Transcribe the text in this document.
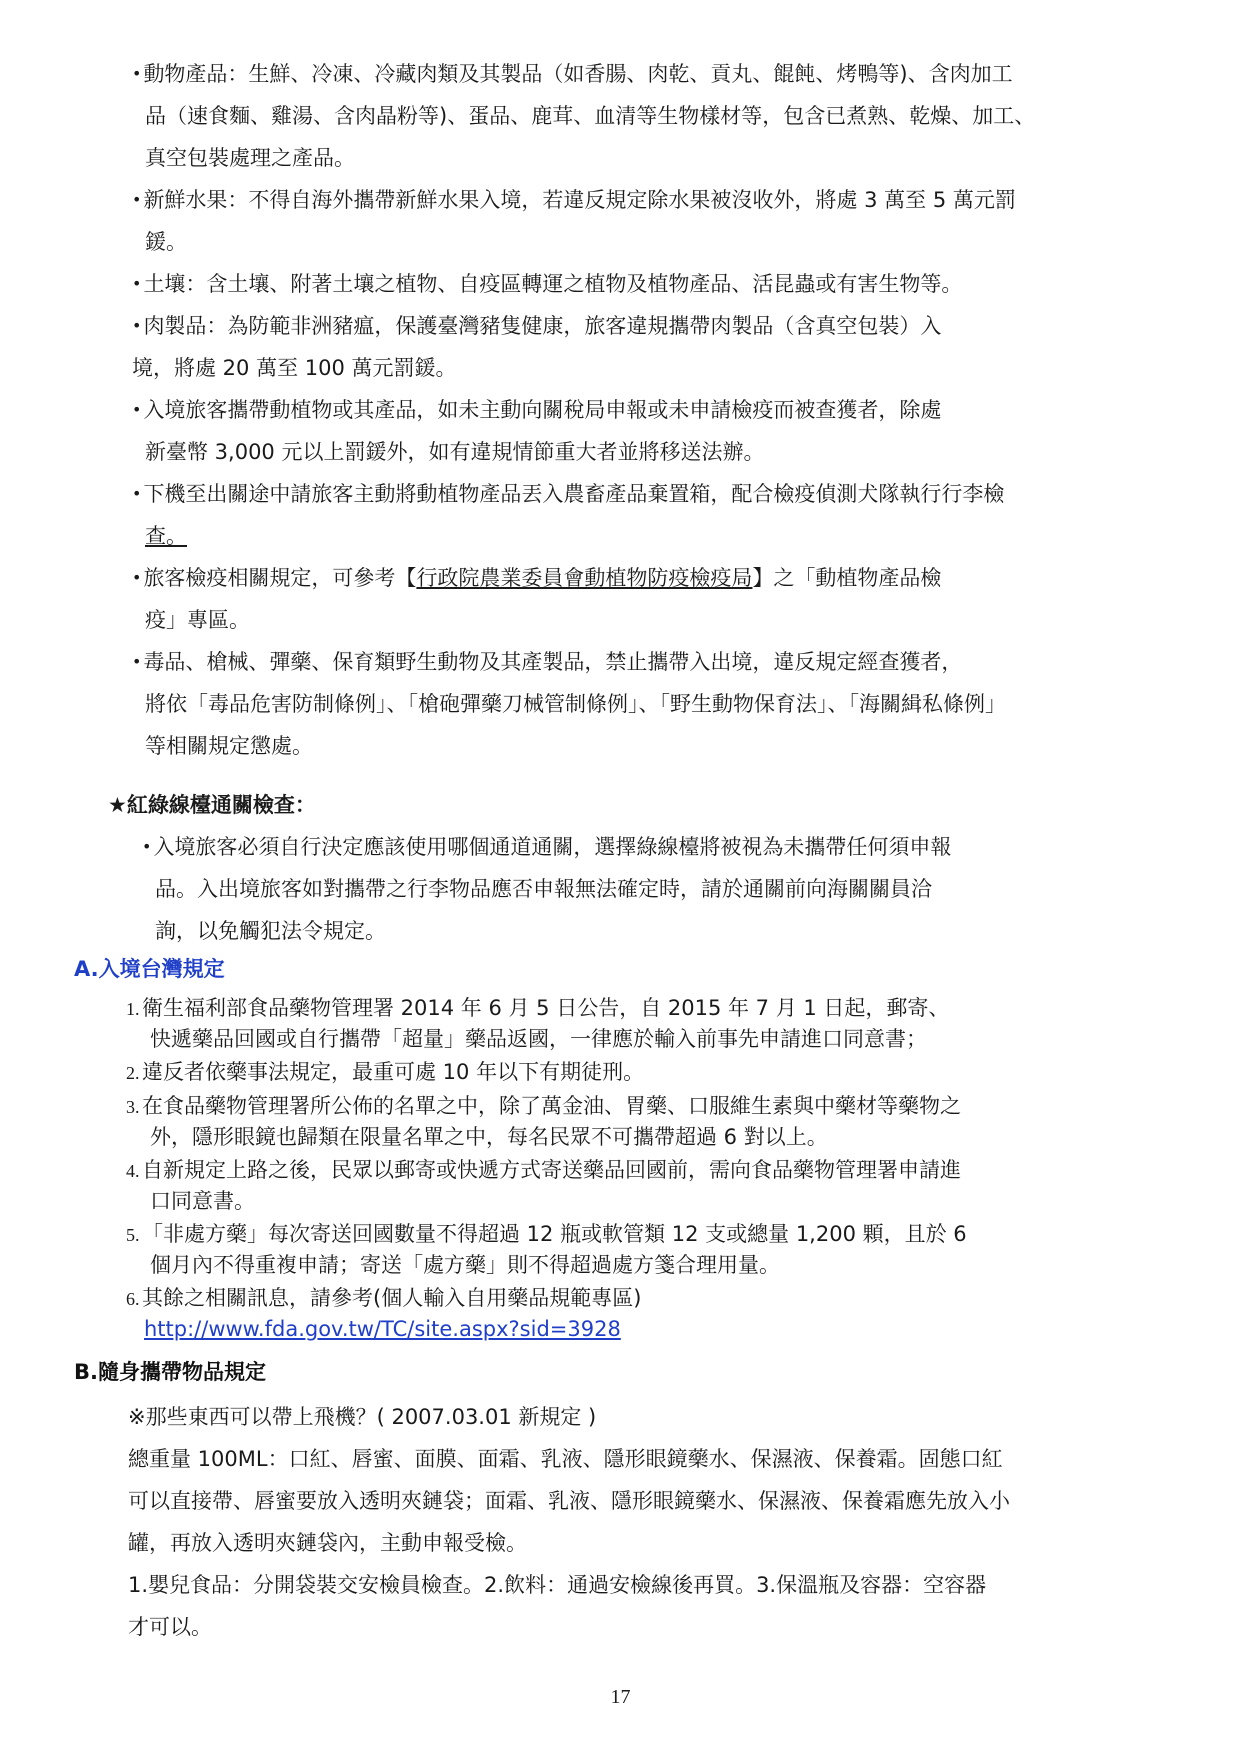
•動物產品：生鮮、冷凍、冷藏肉類及其製品（如香腸、肉乾、貢丸、餛飩、烤鴨等)、含肉加工
品（速食麵、雞湯、含肉晶粉等)、蛋品、鹿茸、血清等生物樣材等，包含已煮熟、乾燥、加工、
真空包裝處理之產品。
•新鮮水果：不得自海外攜帶新鮮水果入境，若違反規定除水果被沒收外，將處 3 萬至 5 萬元罰
鍰。
•土壤：含土壤、附著土壤之植物、自疫區轉運之植物及植物產品、活昆蟲或有害生物等。
•肉製品：為防範非洲豬瘟，保護臺灣豬隻健康，旅客違規攜帶肉製品（含真空包裝）入
境，將處 20 萬至 100 萬元罰鍰。
•入境旅客攜帶動植物或其產品，如未主動向關稅局申報或未申請檢疫而被查獲者，除處
新臺幣 3,000 元以上罰鍰外，如有違規情節重大者並將移送法辦。
•下機至出關途中請旅客主動將動植物產品丟入農畜產品棄置箱，配合檢疫偵測犬隊執行行李檢
查。
•旅客檢疫相關規定，可參考【行政院農業委員會動植物防疫檢疫局】之「動植物產品檢
疫」專區。
•毒品、槍械、彈藥、保育類野生動物及其產製品，禁止攜帶入出境，違反規定經查獲者，
將依「毒品危害防制條例」、「槍砲彈藥刀械管制條例」、「野生動物保育法」、「海關緝私條例」
等相關規定懲處。
★紅綠線檯通關檢查：
•入境旅客必須自行決定應該使用哪個通道通關，選擇綠線檯將被視為未攜帶任何須申報
品。入出境旅客如對攜帶之行李物品應否申報無法確定時，請於通關前向海關關員洽
詢，以免觸犯法令規定。
A.入境台灣規定
1. 衛生福利部食品藥物管理署 2014 年 6 月 5 日公告，自 2015 年 7 月 1 日起，郵寄、
快遞藥品回國或自行攜帶「超量」藥品返國，一律應於輸入前事先申請進口同意書；
2. 違反者依藥事法規定，最重可處 10 年以下有期徒刑。
3. 在食品藥物管理署所公佈的名單之中，除了萬金油、胃藥、口服維生素與中藥材等藥物之
外，隱形眼鏡也歸類在限量名單之中，每名民眾不可攜帶超過 6 對以上。
4. 自新規定上路之後，民眾以郵寄或快遞方式寄送藥品回國前，需向食品藥物管理署申請進
口同意書。
5. 「非處方藥」每次寄送回國數量不得超過 12 瓶或軟管類 12 支或總量 1,200 顆，且於 6
個月內不得重複申請；寄送「處方藥」則不得超過處方箋合理用量。
6. 其餘之相關訊息，請參考(個人輸入自用藥品規範專區)
http://www.fda.gov.tw/TC/site.aspx?sid=3928
B.隨身攜帶物品規定
※那些東西可以帶上飛機？( 2007.03.01 新規定 )
總重量 100ML：口紅、唇蜜、面膜、面霜、乳液、隱形眼鏡藥水、保濕液、保養霜。固態口紅
可以直接帶、唇蜜要放入透明夾鏈袋；面霜、乳液、隱形眼鏡藥水、保濕液、保養霜應先放入小
罐，再放入透明夾鏈袋內，主動申報受檢。
1.嬰兒食品：分開袋裝交安檢員檢查。2.飲料：通過安檢線後再買。3.保溫瓶及容器：空容器
才可以。
17
